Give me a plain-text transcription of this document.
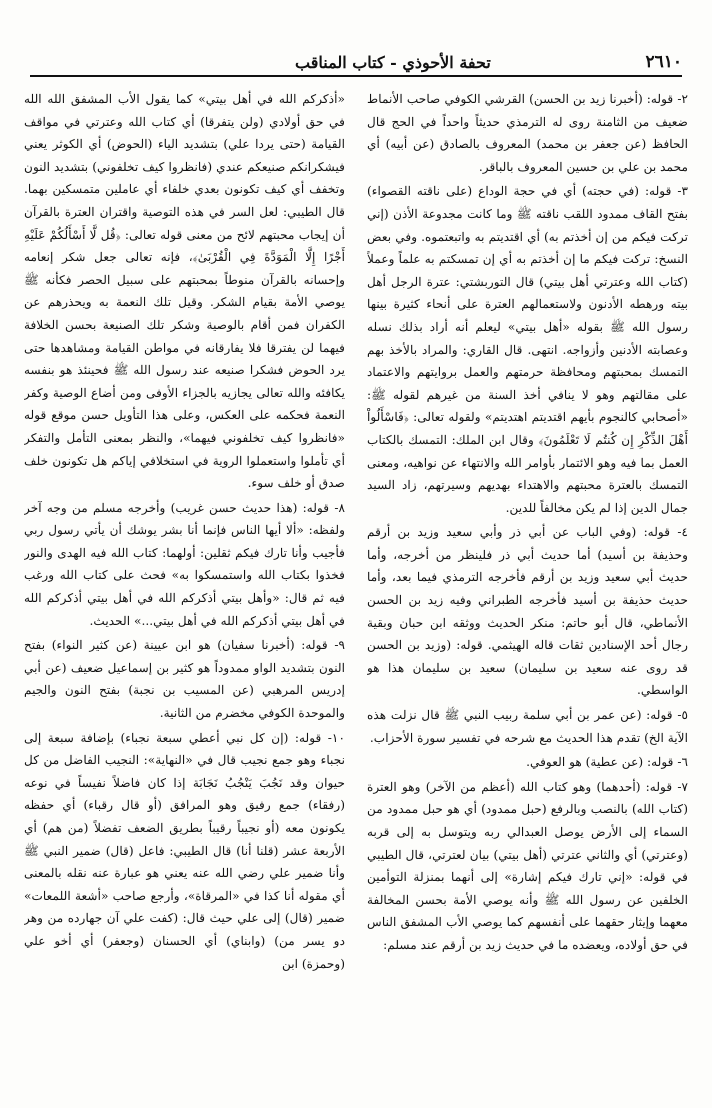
٢٦١٠
تحفة الأحوذي - كتاب المناقب

٢- قوله: (أخبرنا زيد بن الحسن) القرشي الكوفي صاحب الأنماط ضعيف من الثامنة روى له الترمذي حديثاً واحداً في الحج قال الحافظ (عن جعفر بن محمد) المعروف بالصادق (عن أبيه) أي محمد بن علي بن حسين المعروف بالباقر.

٣- قوله: (في حجته) أي في حجة الوداع (على ناقته القصواء) بفتح القاف ممدود اللقب ناقته ﷺ وما كانت مجدوعة الأذن (إني تركت فيكم من إن أخذتم به) أي اقتديتم به واتبعتموه. وفي بعض النسخ: تركت فيكم ما إن أخذتم به أي إن تمسكتم به علماً وعملاً (كتاب الله وعترتي أهل بيتي) قال التوربشتي: عترة الرجل أهل بيته ورهطه الأدنون ولاستعمالهم العترة على أنحاء كثيرة بينها رسول الله ﷺ بقوله «أهل بيتي» ليعلم أنه أراد بذلك نسله وعصابته الأدنين وأزواجه. انتهى. قال القاري: والمراد بالأخذ بهم التمسك بمحبتهم ومحافظة حرمتهم والعمل بروايتهم والاعتماد على مقالتهم وهو لا ينافي أخذ السنة من غيرهم لقوله ﷺ: «أصحابي كالنجوم بأيهم اقتديتم اهتديتم» ولقوله تعالى: ﴿فَاسْأَلُواْ أَهْلَ الذِّكْرِ إِن كُنتُم لَا تَعْلَمُونَ﴾ وقال ابن الملك: التمسك بالكتاب العمل بما فيه وهو الائتمار بأوامر الله والانتهاء عن نواهيه، ومعنى التمسك بالعترة محبتهم والاهتداء بهديهم وسيرتهم، زاد السيد جمال الدين إذا لم يكن مخالفاً للدين.

٤- قوله: (وفي الباب عن أبي ذر وأبي سعيد وزيد بن أرقم وحذيفة بن أسيد) أما حديث أبي ذر فلينظر من أخرجه، وأما حديث أبي سعيد وزيد بن أرقم فأخرجه الترمذي فيما بعد، وأما حديث حذيفة بن أسيد فأخرجه الطبراني وفيه زيد بن الحسن الأنماطي، قال أبو حاتم: منكر الحديث ووثقه ابن حبان وبقية رجال أحد الإسنادين ثقات قاله الهيثمي. قوله: (وزيد بن الحسن قد روى عنه سعيد بن سليمان) سعيد بن سليمان هذا هو الواسطي.

٥- قوله: (عن عمر بن أبي سلمة ربيب النبي ﷺ قال نزلت هذه الآية الخ) تقدم هذا الحديث مع شرحه في تفسير سورة الأحزاب.

٦- قوله: (عن عطية) هو العوفي.

٧- قوله: (أحدهما) وهو كتاب الله (أعظم من الآخر) وهو العترة (كتاب الله) بالنصب وبالرفع (حبل ممدود) أي هو حبل ممدود من السماء إلى الأرض يوصل العبدالي ربه ويتوسل به إلى قربه (وعترتي) أي والثاني عترتي (أهل بيتي) بيان لعترتي، قال الطيبي في قوله: «إني تارك فيكم إشارة» إلى أنهما بمنزلة التوأمين الخلفين عن رسول الله ﷺ وأنه يوصي الأمة بحسن المخالفة معهما وإيثار حقهما على أنفسهم كما يوصي الأب المشفق الناس في حق أولاده، ويعضده ما في حديث زيد بن أرقم عند مسلم:

«أذكركم الله في أهل بيتي» كما يقول الأب المشفق الله الله في حق أولادي (ولن يتفرقا) أي كتاب الله وعترتي في مواقف القيامة (حتى يردا علي) بتشديد الياء (الحوض) أي الكوثر يعني فيشكرانكم صنيعكم عندي (فانظروا كيف تخلفوني) بتشديد النون وتخفف أي كيف تكونون بعدي خلفاء أي عاملين متمسكين بهما. قال الطيبي: لعل السر في هذه التوصية واقتران العترة بالقرآن أن إيجاب محبتهم لائح من معنى قوله تعالى: ﴿قُل لَّا أَسْأَلُكُمْ عَلَيْهِ أَجْرًا إِلَّا الْمَوَدَّةَ فِي الْقُرْبَىٰ﴾، فإنه تعالى جعل شكر إنعامه وإحسانه بالقرآن منوطاً بمحبتهم على سبيل الحصر فكأنه ﷺ يوصي الأمة بقيام الشكر. وقيل تلك النعمة به ويحذرهم عن الكفران فمن أقام بالوصية وشكر تلك الصنيعة بحسن الخلافة فيهما لن يفترقا فلا يفارقانه في مواطن القيامة ومشاهدها حتى يرد الحوض فشكرا صنيعه عند رسول الله ﷺ فحينئذ هو بنفسه يكافئه والله تعالى يجازيه بالجزاء الأوفى ومن أضاع الوصية وكفر النعمة فحكمه على العكس، وعلى هذا التأويل حسن موقع قوله «فانظروا كيف تخلفوني فيهما»، والنظر بمعنى التأمل والتفكر أي تأملوا واستعملوا الروية في استخلافي إياكم هل تكونون خلف صدق أو خلف سوء.

٨- قوله: (هذا حديث حسن غريب) وأخرجه مسلم من وجه آخر ولفظه: «ألا أيها الناس فإنما أنا بشر يوشك أن يأتي رسول ربي فأجيب وأنا تارك فيكم ثقلين: أولهما: كتاب الله فيه الهدى والنور فخذوا بكتاب الله واستمسكوا به» فحث على كتاب الله ورغب فيه ثم قال: «وأهل بيتي أذكركم الله في أهل بيتي أذكركم الله في أهل بيتي أذكركم الله في أهل بيتي...» الحديث.

٩- قوله: (أخبرنا سفيان) هو ابن عيينة (عن كثير النواء) بفتح النون بتشديد الواو ممدوداً هو كثير بن إسماعيل ضعيف (عن أبي إدريس المرهبي (عن المسيب بن نجبة) بفتح النون والجيم والموحدة الكوفي مخضرم من الثانية.

١٠- قوله: (إن كل نبي أعطي سبعة نجباء) بإضافة سبعة إلى نجباء وهو جمع نجيب قال في «النهاية»: النجيب الفاضل من كل حيوان وقد نَجُبَ يَنْجُبُ نَجَابَة إذا كان فاضلاً نفيساً في نوعه (رفقاء) جمع رفيق وهو المرافق (أو قال رقباء) أي حفظه يكونون معه (أو نجيباً رقيباً بطريق الضعف تفضلاً (من هم) أي الأربعة عشر (قلنا أنا) قال الطيبي: فاعل (قال) ضمير النبي ﷺ وأنا ضمير علي رضي الله عنه يعني هو عبارة عنه نقله بالمعنى أي مقوله أنا كذا في «المرقاة»، وأرجع صاحب «أشعة اللمعات» ضمير (قال) إلى علي حيث قال: (كفت علي آن جهارده من وهر دو يسر من) (وابناي) أي الحسنان (وجعفر) أي أخو علي (وحمزة) ابن
